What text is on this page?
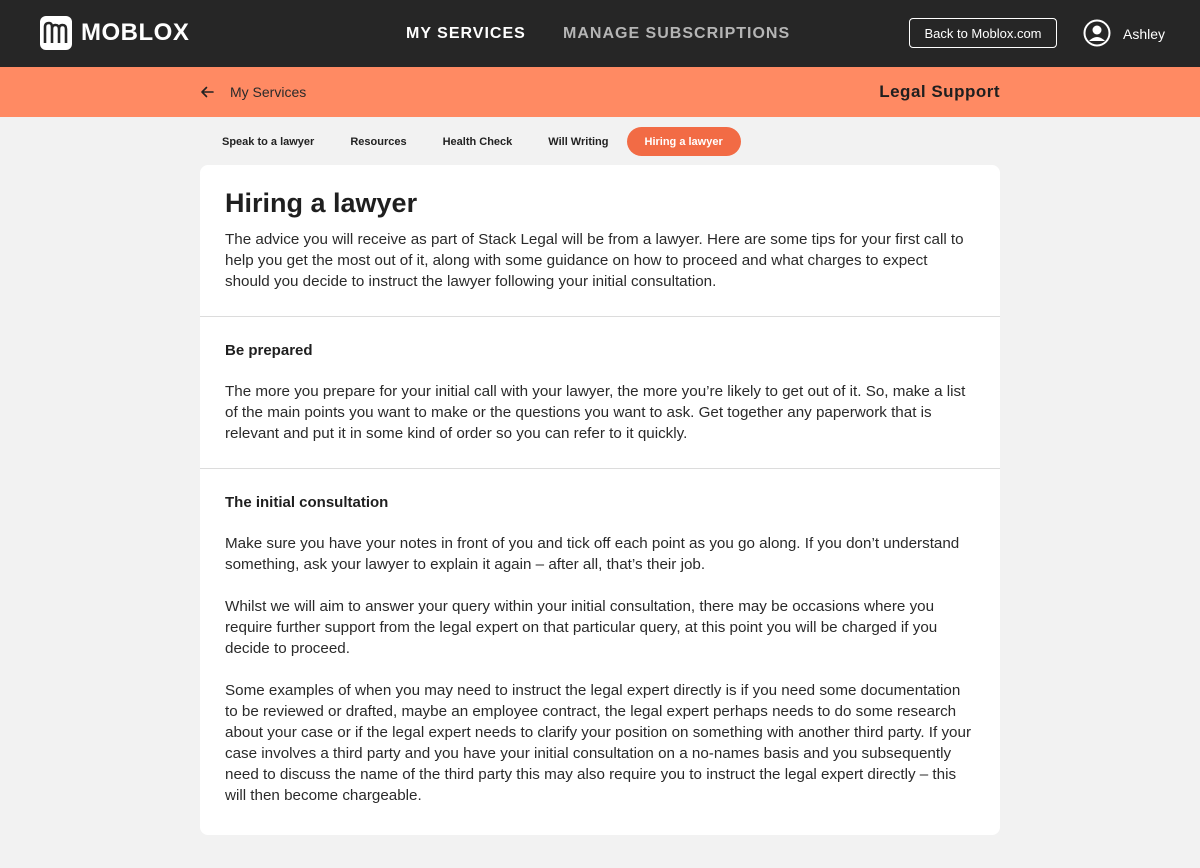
MOBLOX	MY SERVICES MANAGE SUBSCRIPTIONS	Back to Moblox.com	Ashley
My Services	Legal Support
Speak to a lawyer	Resources	Health Check	Will Writing	Hiring a lawyer
Hiring a lawyer

The advice you will receive as part of Stack Legal will be from a lawyer. Here are some tips for your first call to help you get the most out of it, along with some guidance on how to proceed and what charges to expect should you decide to instruct the lawyer following your initial consultation.

Be prepared

The more you prepare for your initial call with your lawyer, the more you’re likely to get out of it. So, make a list of the main points you want to make or the questions you want to ask. Get together any paperwork that is relevant and put it in some kind of order so you can refer to it quickly.

The initial consultation

Make sure you have your notes in front of you and tick off each point as you go along. If you don’t understand something, ask your lawyer to explain it again – after all, that’s their job.

Whilst we will aim to answer your query within your initial consultation, there may be occasions where you require further support from the legal expert on that particular query, at this point you will be charged if you decide to proceed.

Some examples of when you may need to instruct the legal expert directly is if you need some documentation to be reviewed or drafted, maybe an employee contract, the legal expert perhaps needs to do some research about your case or if the legal expert needs to clarify your position on something with another third party. If your case involves a third party and you have your initial consultation on a no-names basis and you subsequently need to discuss the name of the third party this may also require you to instruct the legal expert directly – this will then become chargeable.
